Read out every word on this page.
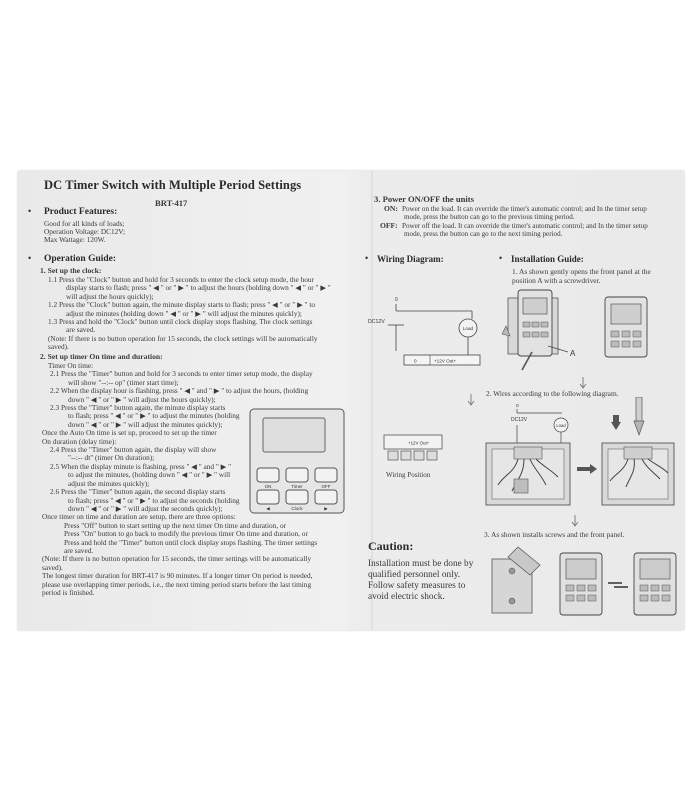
DC Timer Switch with Multiple Period Settings
BRT-417
• Product Features:
Good for all kinds of loads;
Operation Voltage: DC12V;
Max Wattage: 120W.
• Operation Guide:
1. Set up the clock:
1.1 Press the "Clock" button and hold for 3 seconds to enter the clock setup mode, the hour
display starts to flash; press " ◀ " or " ▶ " to adjust the hours (holding down " ◀ " or " ▶ "
will adjust the hours quickly);
1.2 Press the "Clock" button again, the minute display starts to flash; press " ◀ " or " ▶ " to
adjust the minutes (holding down " ◀ " or " ▶ " will adjust the minutes quickly);
1.3 Press and hold the "Clock" button until clock display stops flashing. The clock settings
are saved.
(Note: If there is no button operation for 15 seconds, the clock settings will be automatically
saved).
2. Set up timer On time and duration:
Timer On time:
2.1 Press the "Timer" button and hold for 3 seconds to enter timer setup mode, the display
will show "--:-- op" (timer start time);
2.2 When the display hour is flashing, press " ◀ " and " ▶ " to adjust the hours, (holding
down " ◀ " or " ▶ " will adjust the hours quickly);
2.3 Press the "Timer" button again, the minute display starts
to flash; press " ◀ " or " ▶ " to adjust the minutes (holding
down " ◀ " or " ▶ " will adjust the minutes quickly);
Once the Auto On time is set up, proceed to set up the timer
On duration (delay time):
2.4 Press the "Timer" button again, the display will show
"--:-- dt" (timer On duration);
2.5 When the display minute is flashing, press " ◀ " and " ▶ "
to adjust the minutes, (holding down " ◀ " or " ▶ " will
adjust the minutes quickly);
2.6 Press the "Timer" button again, the second display starts
to flash; press " ◀ " or " ▶ " to adjust the seconds (holding
down " ◀ " or " ▶ " will adjust the seconds quickly);
Once timer on time and duration are setup, there are three options:
Press "Off" button to start setting up the next timer On time and duration, or
Press "On" button to go back to modify the previous timer On time and duration, or
Press and hold the "Timer" button until clock display stops flashing. The timer settings
are saved.
(Note: If there is no button operation for 15 seconds, the timer settings will be automatically
saved).
The longest timer duration for BRT-417 is 90 minutes. If a longer timer On period is needed,
please use overlapping timer periods, i.e., the next timing period starts before the last timing
period is finished.
ON	Timer	OFF
◀	Clock	▶
3. Power ON/OFF the units
ON: Power on the load. It can override the timer's automatic control; and In the timer setup
mode, press the button can go to the previous timing period.
OFF: Power off the load. It can override the timer's automatic control; and In the timer setup
mode, press the button can go to the next timing period.
• Wiring Diagram:	• Installation Guide:
0
DC12V
Load
0	+12V Out+
+12V Out+
Wiring Position
1. As shown gently opens the front panel at the
position A with a screwdriver.
A
2. Wires according to the following diagram.
0
DC12V
Load
3. As shown installs screws and the front panel.
Caution:
Installation must be done by
qualified personnel only.
Follow safety measures to
avoid electric shock.
